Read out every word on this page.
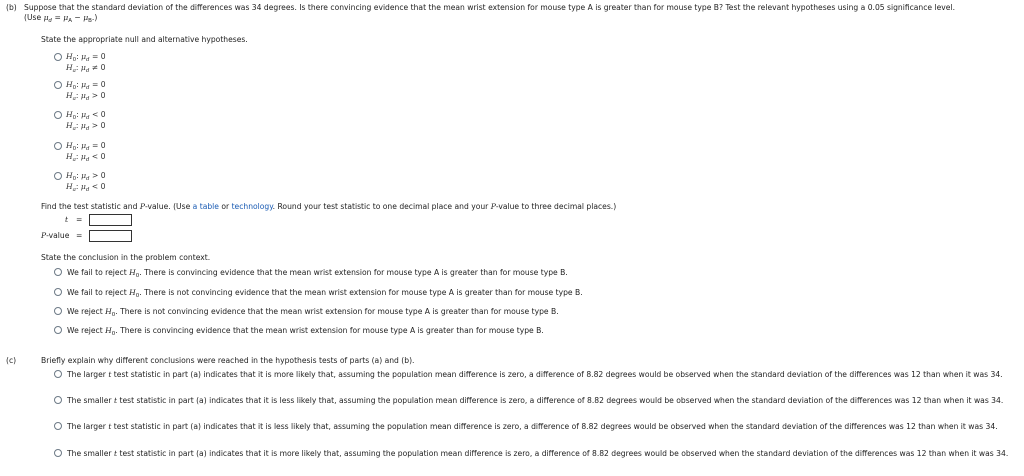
(b) Suppose that the standard deviation of the differences was 34 degrees. Is there convincing evidence that the mean wrist extension for mouse type A is greater than for mouse type B? Test the relevant hypotheses using a 0.05 significance level.
(Use $\mu_d = \mu_A - \mu_B$.)
State the appropriate null and alternative hypotheses.
$H_0$: $\mu_d = 0$
$H_a$: $\mu_d \ne 0$
$H_0$: $\mu_d = 0$
$H_a$: $\mu_d > 0$
$H_0$: $\mu_d < 0$
$H_a$: $\mu_d > 0$
$H_0$: $\mu_d = 0$
$H_a$: $\mu_d < 0$
$H_0$: $\mu_d > 0$
$H_a$: $\mu_d < 0$
Find the test statistic and P-value. (Use a table or technology. Round your test statistic to one decimal place and your P-value to three decimal places.)
t =
P-value =
State the conclusion in the problem context.
We fail to reject $H_0$. There is convincing evidence that the mean wrist extension for mouse type A is greater than for mouse type B.
We fail to reject $H_0$. There is not convincing evidence that the mean wrist extension for mouse type A is greater than for mouse type B.
We reject $H_0$. There is not convincing evidence that the mean wrist extension for mouse type A is greater than for mouse type B.
We reject $H_0$. There is convincing evidence that the mean wrist extension for mouse type A is greater than for mouse type B.
(c)	Briefly explain why different conclusions were reached in the hypothesis tests of parts (a) and (b).
The larger t test statistic in part (a) indicates that it is more likely that, assuming the population mean difference is zero, a difference of 8.82 degrees would be observed when the standard deviation of the differences was 12 than when it was 34.
The smaller t test statistic in part (a) indicates that it is less likely that, assuming the population mean difference is zero, a difference of 8.82 degrees would be observed when the standard deviation of the differences was 12 than when it was 34.
The larger t test statistic in part (a) indicates that it is less likely that, assuming the population mean difference is zero, a difference of 8.82 degrees would be observed when the standard deviation of the differences was 12 than when it was 34.
The smaller t test statistic in part (a) indicates that it is more likely that, assuming the population mean difference is zero, a difference of 8.82 degrees would be observed when the standard deviation of the differences was 12 than when it was 34.
